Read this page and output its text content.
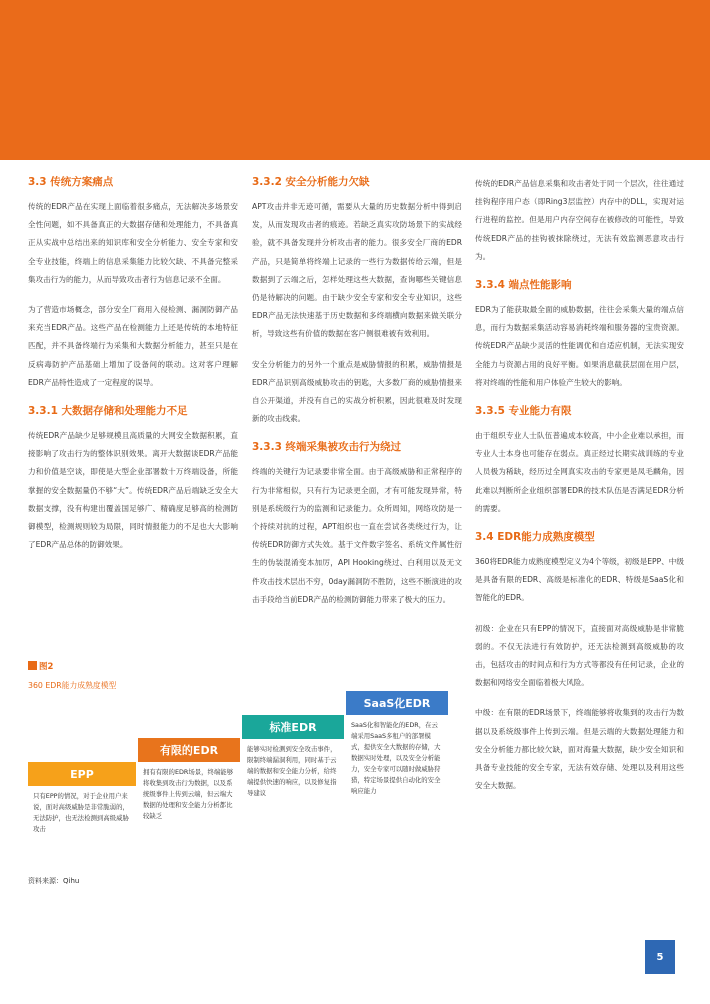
3.3 传统方案痛点

传统的EDR产品在实现上面临着很多痛点，无法解决多场景安全性问题，如不具备真正的大数据存储和处理能力，不具备真正从实战中总结出来的知识库和安全分析能力、安全专家和安全专业技能，终端上的信息采集能力比较欠缺、不具备完整采集攻击行为的能力，从而导致攻击者行为信息记录不全面。

为了营造市场概念，部分安全厂商用入侵检测、漏洞防御产品来充当EDR产品。这些产品在检测能力上还是传统的本地特征匹配，并不具备终端行为采集和大数据分析能力，甚至只是在反病毒防护产品基础上增加了设备间的联动。这对客户理解EDR产品特性造成了一定程度的误导。

3.3.1 大数据存储和处理能力不足

传统EDR产品缺少足够规模且高质量的大网安全数据积累，直接影响了攻击行为的整体识别效果。离开大数据谈EDR产品能力和价值是空谈，即使是大型企业部署数十万终端设备，所能掌握的安全数据量仍不够“大”。传统EDR产品后端缺乏安全大数据支撑，没有构建出覆盖国足够广、精确度足够高的检测防御模型，检测规则较为局限，同时情报能力的不足也大大影响了EDR产品总体的防御效果。

3.3.2 安全分析能力欠缺

APT攻击并非无迹可循，需要从大量的历史数据分析中得到启发，从而发现攻击者的痕迹。若缺乏真实攻防场景下的实战经验，就不具备发现并分析攻击者的能力。很多安全厂商的EDR产品，只是简单将终端上记录的一些行为数据传给云端，但是数据到了云端之后，怎样处理这些大数据，查询哪些关键信息仍是待解决的问题。由于缺少安全专家和安全专业知识，这些EDR产品无法快速基于历史数据和多终端横向数据来做关联分析，导致这些有价值的数据在客户侧很难被有效利用。

安全分析能力的另外一个重点是威胁情报的积累，威胁情报是EDR产品识别高级威胁攻击的钥匙，大多数厂商的威胁情报来自公开渠道，并没有自己的实战分析积累，因此很难及时发现新的攻击线索。

3.3.3 终端采集被攻击行为绕过

终端的关键行为记录要非常全面。由于高级威胁和正常程序的行为非常相似，只有行为记录更全面，才有可能发现异常，特别是系统级行为的监测和记录能力。众所周知，网络攻防是一个持续对抗的过程，APT组织也一直在尝试各类绕过行为，让传统EDR防御方式失效。基于文件数字签名、系统文件属性衍生的伪装混淆变本加厉，API Hooking绕过、白利用以及无文件攻击技术层出不穷，0day漏洞防不胜防，这些不断演进的攻击手段给当前EDR产品的检测防御能力带来了极大的压力。

传统的EDR产品信息采集和攻击者处于同一个层次，往往通过挂钩程序用户态（即Ring3层监控）内存中的DLL，实现对运行进程的监控。但是用户内存空间存在被修改的可能性，导致传统EDR产品的挂钩被抹除绕过，无法有效监测恶意攻击行为。

3.3.4 端点性能影响

EDR为了能获取最全面的威胁数据，往往会采集大量的端点信息，而行为数据采集活动容易消耗终端和服务器的宝贵资源。传统EDR产品缺少灵活的性能调优和自适应机制，无法实现安全能力与资源占用的良好平衡。如果消息截获层面在用户层，将对终端的性能和用户体验产生较大的影响。

3.3.5 专业能力有限

由于组织专业人士队伍普遍成本较高，中小企业难以承担，而专业人士本身也可能存在弱点。真正经过长期实战训练的专业人员极为稀缺，经历过全网真实攻击的专家更是凤毛麟角，因此难以判断所企业组织部署EDR的技术队伍是否满足EDR分析的需要。

3.4 EDR能力成熟度模型

360将EDR能力成熟度模型定义为4个等级，初级是EPP、中级是具备有限的EDR、高级是标准化的EDR、特级是SaaS化和智能化的EDR。

初级：企业在只有EPP的情况下，直接面对高级威胁是非常脆弱的。不仅无法进行有效防护，还无法检测到高级威胁的攻击，包括攻击的时间点和行为方式等都没有任何记录，企业的数据和网络安全面临着极大风险。

中级：在有限的EDR场景下，终端能够将收集到的攻击行为数据以及系统级事件上传到云端。但是云端的大数据处理能力和安全分析能力都比较欠缺，面对海量大数据，缺少安全知识和具备专业技能的安全专家，无法有效存储、处理以及利用这些安全大数据。

图2
360 EDR能力成熟度模型
EPP
只有EPP的情况，对于企业用户来说，面对高级威胁是非常脆弱的，无法防护，也无法检测到高级威胁攻击
有限的EDR
拥有有限的EDR场景，终端能够将收集到攻击行为数据，以及系统级事件上传到云端，但云端大数据的处理和安全能力分析都比较缺乏
标准EDR
能够实时检测到安全攻击事件，限制终端漏洞利用，同时基于云端的数据和安全能力分析，给终端提供快速的响应，以及修复指导建议
SaaS化EDR
SaaS化和智能化的EDR，在云端采用SaaS多租户的部署模式，提供安全大数据的存储，大数据实时处理，以及安全分析能力，安全专家可以随时做威胁狩猎，特定场景提供自动化的安全响应能力
资料来源：Qihu
5
